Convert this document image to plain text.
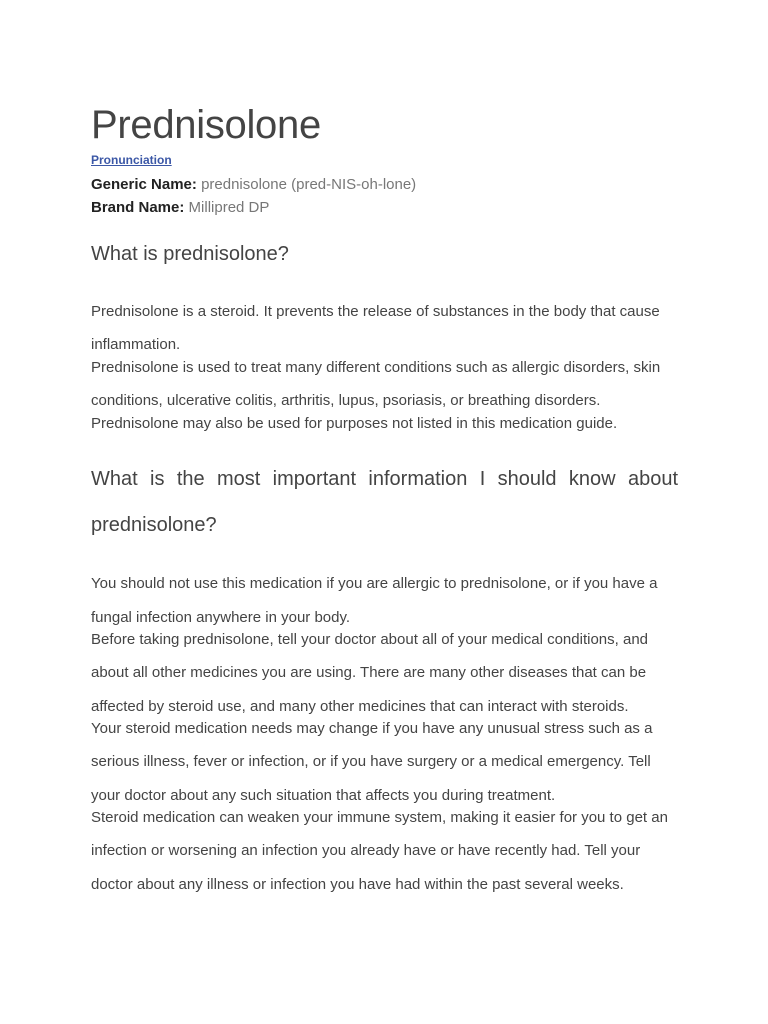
Prednisolone
Pronunciation
Generic Name: prednisolone (pred-NIS-oh-lone)
Brand Name: Millipred DP
What is prednisolone?
Prednisolone is a steroid. It prevents the release of substances in the body that cause
inflammation.
Prednisolone is used to treat many different conditions such as allergic disorders, skin
conditions, ulcerative colitis, arthritis, lupus, psoriasis, or breathing disorders.
Prednisolone may also be used for purposes not listed in this medication guide.
What is the most important information I should know about
prednisolone?
You should not use this medication if you are allergic to prednisolone, or if you have a
fungal infection anywhere in your body.
Before taking prednisolone, tell your doctor about all of your medical conditions, and
about all other medicines you are using. There are many other diseases that can be
affected by steroid use, and many other medicines that can interact with steroids.
Your steroid medication needs may change if you have any unusual stress such as a
serious illness, fever or infection, or if you have surgery or a medical emergency. Tell
your doctor about any such situation that affects you during treatment.
Steroid medication can weaken your immune system, making it easier for you to get an
infection or worsening an infection you already have or have recently had. Tell your
doctor about any illness or infection you have had within the past several weeks.
